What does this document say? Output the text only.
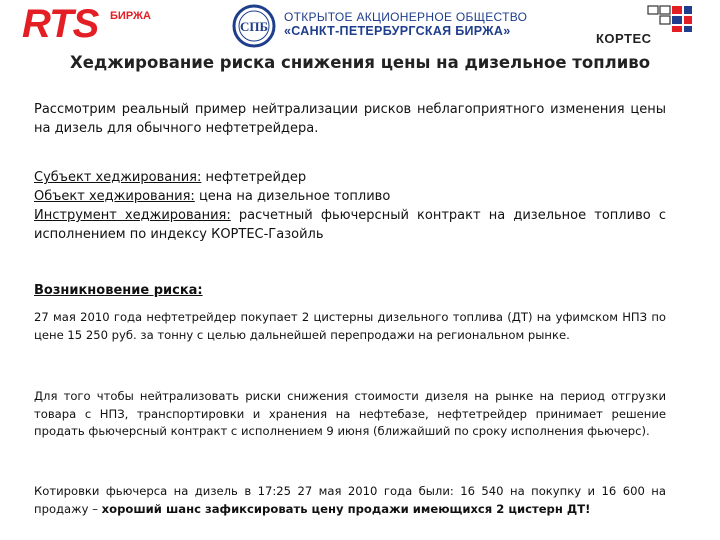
RTS БИРЖА
СПБ
ОТКРЫТОЕ АКЦИОНЕРНОЕ ОБЩЕСТВО
«САНКТ-ПЕТЕРБУРГСКАЯ БИРЖА»	КОРТЕС
Хеджирование риска снижения цены на дизельное топливо
Рассмотрим реальный пример нейтрализации рисков неблагоприятного изменения цены на дизель для обычного нефтетрейдера.
Субъект хеджирования: нефтетрейдер
Объект хеджирования: цена на дизельное топливо
Инструмент хеджирования: расчетный фьючерсный контракт на дизельное топливо с исполнением по индексу КОРТЕС-Газойль
Возникновение риска:
27 мая 2010 года нефтетрейдер покупает 2 цистерны дизельного топлива (ДТ) на уфимском НПЗ по цене 15 250 руб. за тонну с целью дальнейшей перепродажи на региональном рынке.
Для того чтобы нейтрализовать риски снижения стоимости дизеля на рынке на период отгрузки товара с НПЗ, транспортировки и хранения на нефтебазе, нефтетрейдер принимает решение продать фьючерсный контракт с исполнением 9 июня (ближайший по сроку исполнения фьючерс).
Котировки фьючерса на дизель в 17:25 27 мая 2010 года были: 16 540 на покупку и 16 600 на продажу – хороший шанс зафиксировать цену продажи имеющихся 2 цистерн ДТ!
